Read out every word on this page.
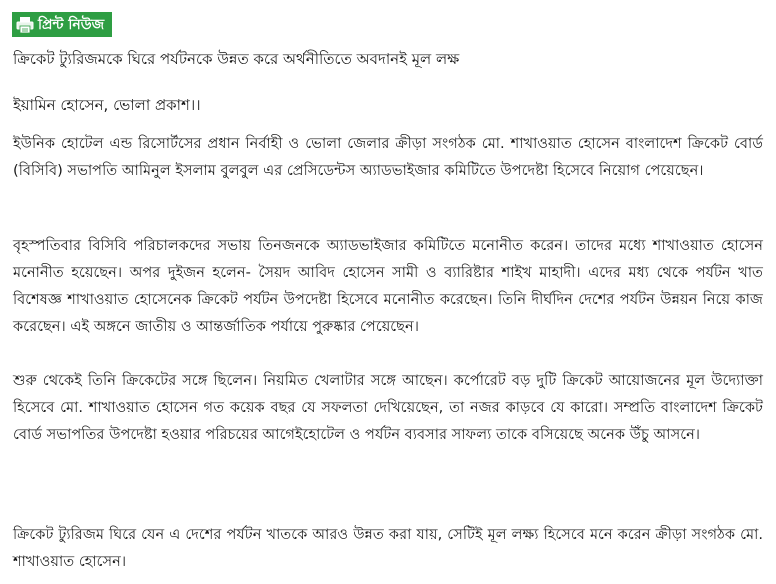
প্রিন্ট নিউজ
ক্রিকেট ট্যুরিজমকে ঘিরে পর্যটনকে উন্নত করে অর্থনীতিতে অবদানই মূল লক্ষ
ইয়ামিন হোসেন, ভোলা প্রকাশ।।
ইউনিক হোটেল এন্ড রিসোর্টসের প্রধান নির্বাহী ও ভোলা জেলার ক্রীড়া সংগঠক মো. শাখাওয়াত হোসেন বাংলাদেশ ক্রিকেট বোর্ড (বিসিবি) সভাপতি আমিনুল ইসলাম বুলবুল এর প্রেসিডেন্টস অ্যাডভাইজার কমিটিতে উপদেষ্টা হিসেবে নিয়োগ পেয়েছেন।
বৃহস্পতিবার বিসিবি পরিচালকদের সভায় তিনজনকে অ্যাডভাইজার কমিটিতে মনোনীত করেন। তাদের মধ্যে শাখাওয়াত হোসেন মনোনীত হয়েছেন। অপর দুইজন হলেন- সৈয়দ আবিদ হোসেন সামী ও ব্যারিষ্টার শাইখ মাহাদী। এদের মধ্য থেকে পর্যটন খাত বিশেষজ্ঞ শাখাওয়াত হোসেনেক ক্রিকেট পর্যটন উপদেষ্টা হিসেবে মনোনীত করেছেন। তিনি দীর্ঘদিন দেশের পর্যটন উন্নয়ন নিয়ে কাজ করেছেন। এই অঙ্গনে জাতীয় ও আন্তর্জাতিক পর্যায়ে পুরুষ্কার পেয়েছেন।
শুরু থেকেই তিনি ক্রিকেটের সঙ্গে ছিলেন। নিয়মিত খেলাটার সঙ্গে আছেন। কর্পোরেট বড় দুটি ক্রিকেট আয়োজনের মূল উদ্যোক্তা হিসেবে মো. শাখাওয়াত হোসেন গত কয়েক বছর যে সফলতা দেখিয়েছেন, তা নজর কাড়বে যে কারো। সম্প্রতি বাংলাদেশ ক্রিকেট বোর্ড সভাপতির উপদেষ্টা হওয়ার পরিচয়ের আগেইহোটেল ও পর্যটন ব্যবসার সাফল্য তাকে বসিয়েছে অনেক উঁচু আসনে।
ক্রিকেট ট্যুরিজম ঘিরে যেন এ দেশের পর্যটন খাতকে আরও উন্নত করা যায়, সেটিই মূল লক্ষ্য হিসেবে মনে করেন ক্রীড়া সংগঠক মো. শাখাওয়াত হোসেন।
